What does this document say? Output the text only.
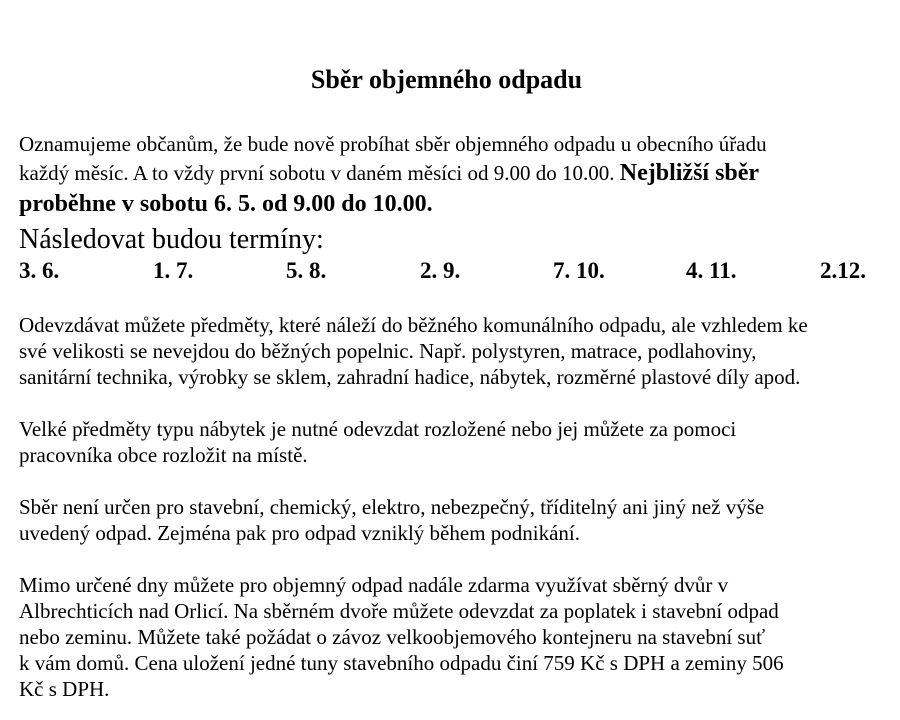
Sběr objemného odpadu
Oznamujeme občanům, že bude nově probíhat sběr objemného odpadu u obecního úřadu
každý měsíc. A to vždy první sobotu v daném měsíci od 9.00 do 10.00. Nejbližší sběr
proběhne v sobotu 6. 5. od 9.00 do 10.00.
Následovat budou termíny:
3. 6.	1. 7.	5. 8.	2. 9.	7. 10.	4. 11.	2.12.
Odevzdávat můžete předměty, které náleží do běžného komunálního odpadu, ale vzhledem ke
své velikosti se nevejdou do běžných popelnic. Např. polystyren, matrace, podlahoviny,
sanitární technika, výrobky se sklem, zahradní hadice, nábytek, rozměrné plastové díly apod.
Velké předměty typu nábytek je nutné odevzdat rozložené nebo jej můžete za pomoci
pracovníka obce rozložit na místě.
Sběr není určen pro stavební, chemický, elektro, nebezpečný, tříditelný ani jiný než výše
uvedený odpad. Zejména pak pro odpad vzniklý během podnikání.
Mimo určené dny můžete pro objemný odpad nadále zdarma využívat sběrný dvůr v
Albrechticích nad Orlicí. Na sběrném dvoře můžete odevzdat za poplatek i stavební odpad
nebo zeminu. Můžete také požádat o závoz velkoobjemového kontejneru na stavební suť
k vám domů. Cena uložení jedné tuny stavebního odpadu činí 759 Kč s DPH a zeminy 506
Kč s DPH.
